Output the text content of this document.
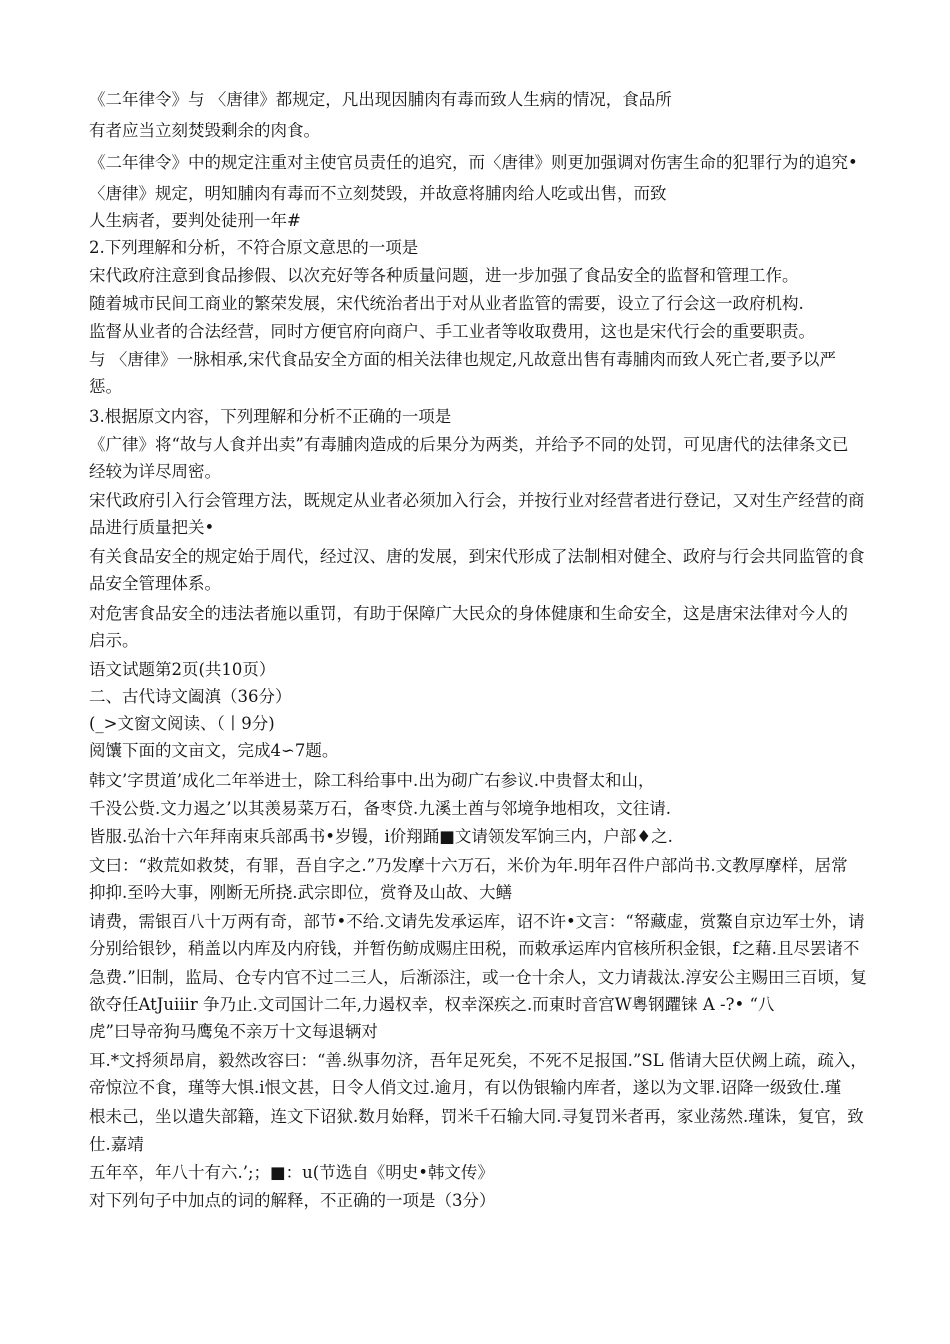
《二年律令》与 〈唐律》都规定，凡出现因脯肉有毒而致人生病的情况，食品所
有者应当立刻焚毁剩余的肉食。
《二年律令》中的规定注重对主使官员责任的追究，而〈唐律》则更加强调对伤害生命的犯罪行为的追究•
〈唐律》规定，明知脯肉有毒而不立刻焚毁，并故意将脯肉给人吃或出售，而致
人生病者，要判处徒刑一年#
2.下列理解和分析，不符合原文意思的一项是
宋代政府注意到食品掺假、以次充好等各种质量问题，进一步加强了食品安全的监督和管理工作。
随着城市民间工商业的繁荣发展，宋代统治者出于对从业者监管的需要，设立了行会这一政府机构.
监督从业者的合法经营，同时方便官府向商户、手工业者等收取费用，这也是宋代行会的重要职责。
与 〈唐律》一脉相承,宋代食品安全方面的相关法律也规定,凡故意出售有毒脯肉而致人死亡者,要予以严
惩。
3.根据原文内容，下列理解和分析不正确的一项是
《广律》将“故与人食并出卖”有毒脯肉造成的后果分为两类，并给予不同的处罚，可见唐代的法律条文已
经较为详尽周密。
宋代政府引入行会管理方法，既规定从业者必须加入行会，并按行业对经营者进行登记，又对生产经营的商
品进行质量把关•
有关食品安全的规定始于周代，经过汉、唐的发展，到宋代形成了法制相对健全、政府与行会共同监管的食
品安全管理体系。
对危害食品安全的违法者施以重罚，有助于保障广大民众的身体健康和生命安全，这是唐宋法律对今人的
启示。
语文试题第2页(共10页）
二、古代诗文阖滇（36分）
(_>文窗文阅读、（丨9分)
阅馕下面的文亩文，完成4∽7题。
韩文’字贯道’成化二年举进士，除工科给事中.出为砌广右参议.中贵督太和山，
千没公赀.文力遏之’以其羡易菜万石，备枣贷.九溪土酋与邻境争地相攻，文往请.
皆服.弘治十六年拜南束兵部禹书•岁镘，i价翔踊■文请领发军饷三内，户部♦之.
文曰：“救荒如救焚，有罪，吾自字之.”乃发摩十六万石，米价为年.明年召件户部尚书.文教厚摩样，居常
抑抑.至吟大事，刚断无所挠.武宗即位，赏脊及山故、大鳝
请费，需银百八十万两有奇，部节•不给.文请先发承运库，诏不许•文言：“帑藏虚，赏鰲自京边军士外，请
分别给银钞，稍盖以内库及内府钱，并暂伤鲂成赐庄田税，而敕承运库内官核所积金银，f之藉.且尽罢诸不
急费.”旧制，监局、仓专内官不过二三人，后渐添注，或一仓十余人，文力请裁汰.淳安公主赐田三百顷，复
欲夺任AtJuiiir 争乃止.文司国计二年,力遏权幸，权幸深疾之.而東时音宫W粵钢躣铼 A -?• “八
虎”曰导帝狗马鹰兔不亲万十文每退辆对
耳.*文捋须昂肩，毅然改容曰：“善.纵事勿济，吾年足死矣，不死不足报国.”SL 偕请大臣伏阙上疏，疏入，
帝惊泣不食，瑾等大惧.i恨文甚，日令人俏文过.逾月，有以伪银输内库者，遂以为文罪.诏降一级致仕.瑾
根未己，坐以遣失部籍，连文下诏狱.数月始释，罚米千石输大同.寻复罚米者再，家业荡然.瑾诛，复官，致
仕.嘉靖
五年卒，年八十有六.’;；■：u(节选自《明史•韩文传》
对下列句子中加点的词的解释，不正确的一项是（3分）
